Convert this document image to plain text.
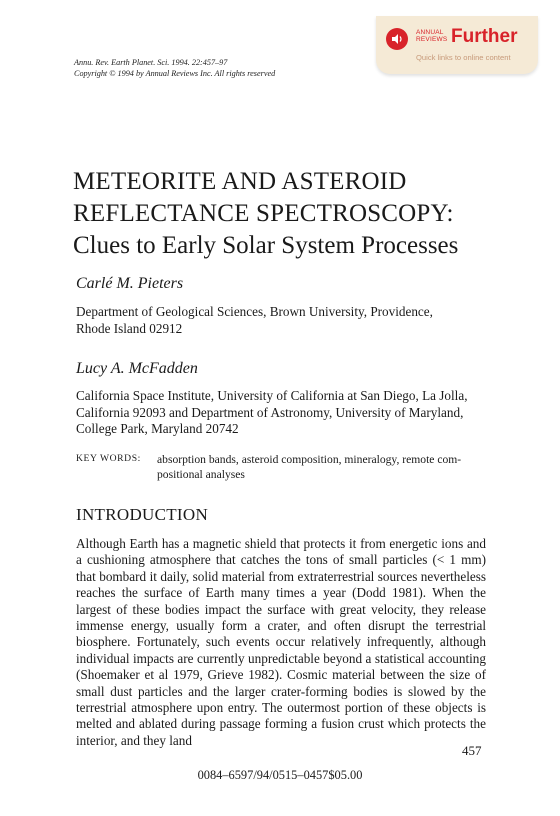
Annu. Rev. Earth Planet. Sci. 1994. 22:457–97
Copyright © 1994 by Annual Reviews Inc. All rights reserved
ANNUAL
REVIEWS Further
Quick links to online content
METEORITE AND ASTEROID
REFLECTANCE SPECTROSCOPY:
Clues to Early Solar System Processes
Carlé M. Pieters
Department of Geological Sciences, Brown University, Providence,
Rhode Island 02912
Lucy A. McFadden
California Space Institute, University of California at San Diego, La Jolla,
California 92093 and Department of Astronomy, University of Maryland,
College Park, Maryland 20742
KEY WORDS: absorption bands, asteroid composition, mineralogy, remote com-
positional analyses
INTRODUCTION
Although Earth has a magnetic shield that protects it from energetic ions and a cushioning atmosphere that catches the tons of small particles (< 1 mm) that bombard it daily, solid material from extraterrestrial sources nevertheless reaches the surface of Earth many times a year (Dodd 1981). When the largest of these bodies impact the surface with great velocity, they release immense energy, usually form a crater, and often disrupt the terrestrial biosphere. Fortunately, such events occur relatively infrequently, although individual impacts are currently unpredictable beyond a statistical accounting (Shoemaker et al 1979, Grieve 1982). Cosmic material between the size of small dust particles and the larger crater-forming bodies is slowed by the terrestrial atmosphere upon entry. The outermost portion of these objects is melted and ablated during passage forming a fusion crust which protects the interior, and they land
457
0084–6597/94/0515–0457$05.00
